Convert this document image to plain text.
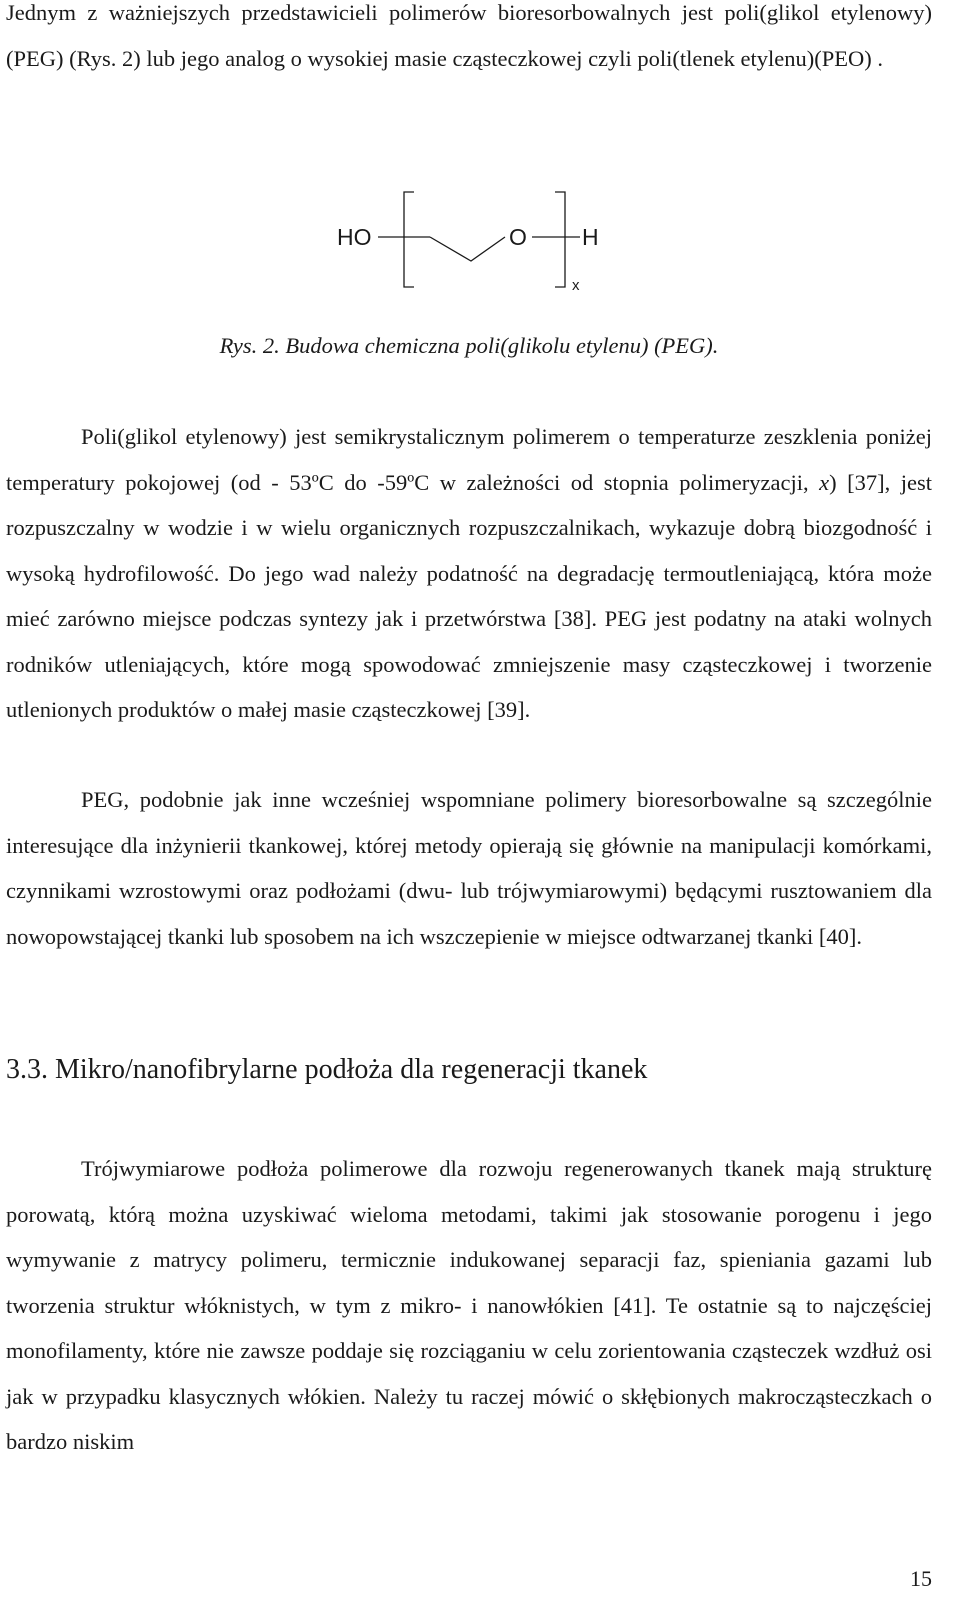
Jednym z ważniejszych przedstawicieli polimerów bioresorbowalnych jest poli(glikol etylenowy)(PEG) (Rys. 2) lub jego analog o wysokiej masie cząsteczkowej czyli poli(tlenek etylenu)(PEO) .

HO	O H
x
Rys. 2. Budowa chemiczna poli(glikolu etylenu) (PEG).

Poli(glikol etylenowy) jest semikrystalicznym polimerem o temperaturze zeszklenia poniżej temperatury pokojowej (od - 53ºC do -59ºC w zależności od stopnia polimeryzacji, x) [37], jest rozpuszczalny w wodzie i w wielu organicznych rozpuszczalnikach, wykazuje dobrą biozgodność i wysoką hydrofilowość. Do jego wad należy podatność na degradację termoutleniającą, która może mieć zarówno miejsce podczas syntezy jak i przetwórstwa [38]. PEG jest podatny na ataki wolnych rodników utleniających, które mogą spowodować zmniejszenie masy cząsteczkowej i tworzenie utlenionych produktów o małej masie cząsteczkowej [39].

PEG, podobnie jak inne wcześniej wspomniane polimery bioresorbowalne są szczególnie interesujące dla inżynierii tkankowej, której metody opierają się głównie na manipulacji komórkami, czynnikami wzrostowymi oraz podłożami (dwu- lub trójwymiarowymi) będącymi rusztowaniem dla nowopowstającej tkanki lub sposobem na ich wszczepienie w miejsce odtwarzanej tkanki [40].

3.3. Mikro/nanofibrylarne podłoża dla regeneracji tkanek

Trójwymiarowe podłoża polimerowe dla rozwoju regenerowanych tkanek mają strukturę porowatą, którą można uzyskiwać wieloma metodami, takimi jak stosowanie porogenu i jego wymywanie z matrycy polimeru, termicznie indukowanej separacji faz, spieniania gazami lub tworzenia struktur włóknistych, w tym z mikro- i nanowłókien [41]. Te ostatnie są to najczęściej monofilamenty, które nie zawsze poddaje się rozciąganiu w celu zorientowania cząsteczek wzdłuż osi jak w przypadku klasycznych włókien. Należy tu raczej mówić o skłębionych makrocząsteczkach o bardzo niskim

15
